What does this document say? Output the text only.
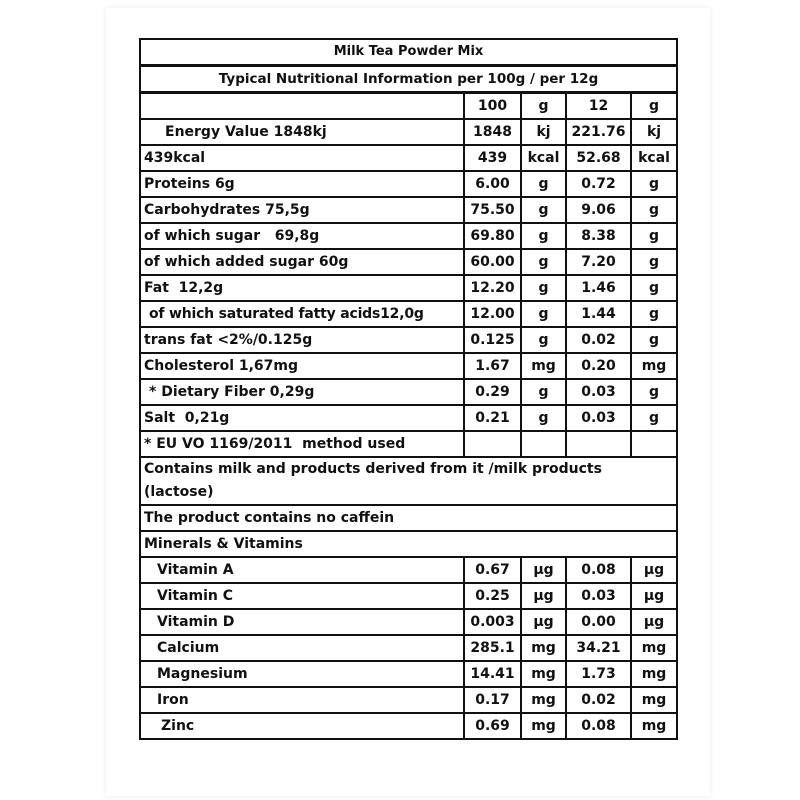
Milk Tea Powder Mix				
Typical Nutritional Information per 100g / per 12g				
	100	g	12	g
Energy Value 1848kj	1848	kj	221.76	kj
439kcal	439	kcal	52.68	kcal
Proteins 6g	6.00	g	0.72	g
Carbohydrates 75,5g	75.50	g	9.06	g
of which sugar   69,8g	69.80	g	8.38	g
of which added sugar 60g	60.00	g	7.20	g
Fat  12,2g	12.20	g	1.46	g
of which saturated fatty acids12,0g	12.00	g	1.44	g
trans fat <2%/0.125g	0.125	g	0.02	g
Cholesterol 1,67mg	1.67	mg	0.20	mg
* Dietary Fiber 0,29g	0.29	g	0.03	g
Salt  0,21g	0.21	g	0.03	g
* EU VO 1169/2011  method used				
Contains milk and products derived from it /milk products (lactose)				
The product contains no caffein				
Minerals & Vitamins				
Vitamin A	0.67	µg	0.08	µg
Vitamin C	0.25	µg	0.03	µg
Vitamin D	0.003	µg	0.00	µg
Calcium	285.1	mg	34.21	mg
Magnesium	14.41	mg	1.73	mg
Iron	0.17	mg	0.02	mg
Zinc	0.69	mg	0.08	mg
